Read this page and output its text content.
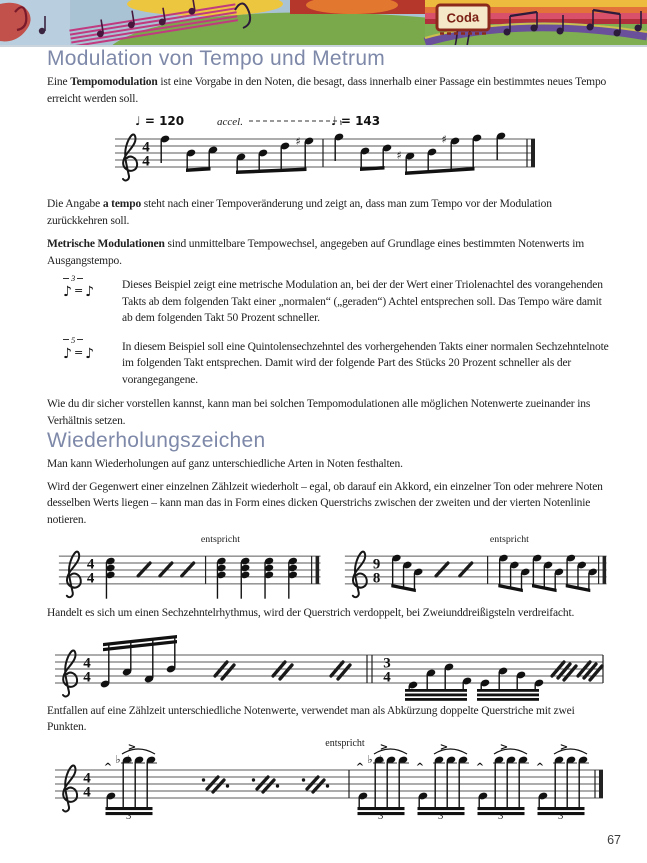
Coda
Modulation von Tempo und Metrum

Eine Tempomodulation ist eine Vorgabe in den Noten, die besagt, dass innerhalb einer Passage ein bestimmtes neues Tempo erreicht werden soll.

4
4
♩ = 120	accel.	♩ = 143
♯
♯
♯

Die Angabe a tempo steht nach einer Tempoveränderung und zeigt an, dass man zum Tempo vor der Modulation zurückkehren soll.

Metrische Modulationen sind unmittelbare Tempowechsel, angegeben auf Grundlage eines bestimmten Notenwerts im Ausgangstempo.

3
♪ = ♪	Dieses Beispiel zeigt eine metrische Modulation an, bei der der Wert einer Triolenachtel des vorangehenden Takts ab dem folgenden Takt einer „normalen“ („geraden“) Achtel entsprechen soll. Das Tempo wäre damit ab dem folgenden Takt 50 Prozent schneller.

5
♪ = ♪	In diesem Beispiel soll eine Quintolensechzehntel des vorhergehenden Takts einer normalen Sechzehntelnote im folgenden Takt entsprechen. Damit wird der folgende Part des Stücks 20 Prozent schneller als der vorangegangene.

Wie du dir sicher vorstellen kannst, kann man bei solchen Tempomodulationen alle möglichen Notenwerte zueinander ins Verhältnis setzen.

Wiederholungszeichen

Man kann Wiederholungen auf ganz unterschiedliche Arten in Noten festhalten.

Wird der Gegenwert einer einzelnen Zählzeit wiederholt – egal, ob darauf ein Akkord, ein einzelner Ton oder mehrere Noten desselben Werts liegen – kann man das in Form eines dicken Querstrichs zwischen der zweiten und der vierten Notenlinie notieren.

4
4
entspricht
9
8
entspricht

Handelt es sich um einen Sechzehntelrhythmus, wird der Querstrich verdoppelt, bei Zweiunddreißigsteln verdreifacht.

4
4
3
4

Entfallen auf eine Zählzeit unterschiedliche Notenwerte, verwendet man als Abkürzung doppelte Querstriche mit zwei Punkten.

4
4
^
>
♭ ♭
3
entspricht
^
>
♭ ♭
3
^
>
3
^
>
3
^
>
3
67
